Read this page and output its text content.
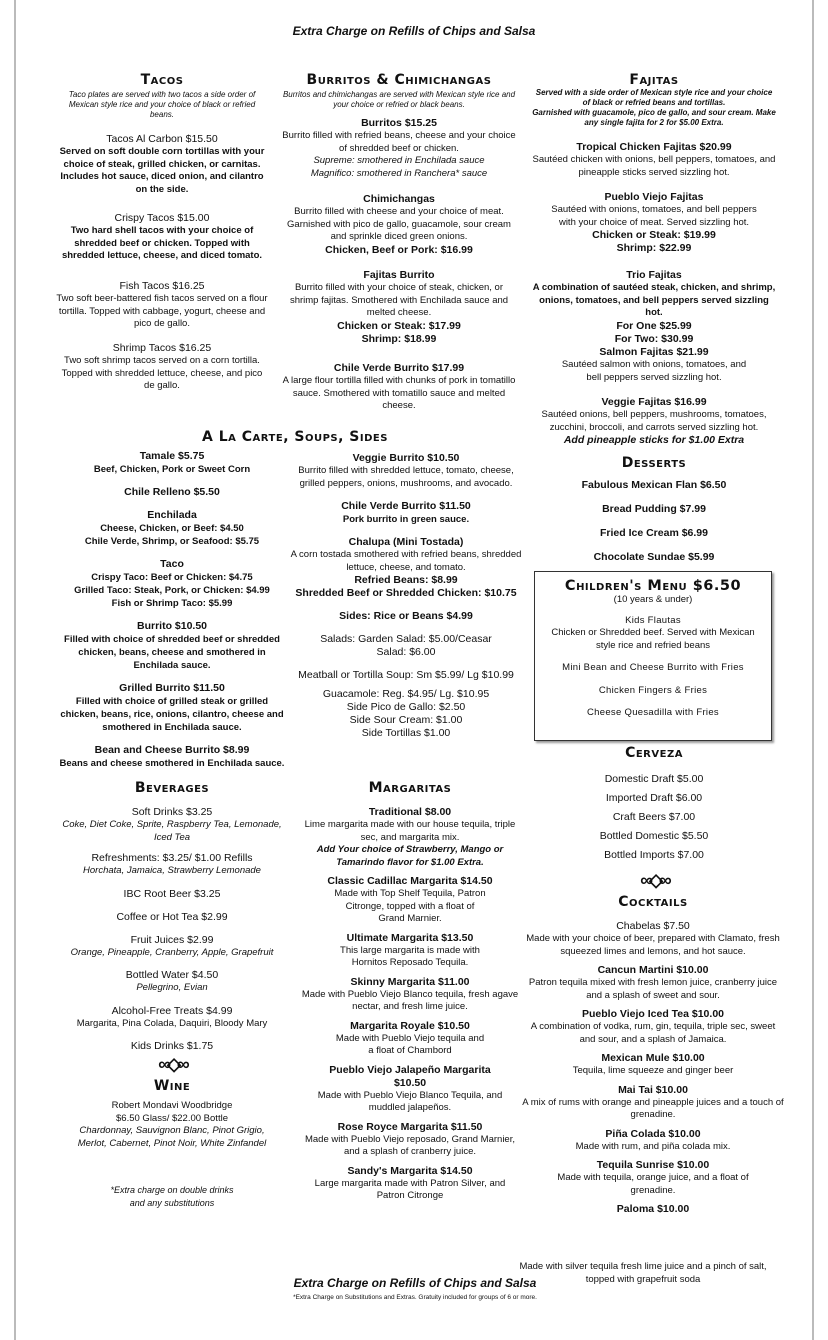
Extra Charge on Refills of Chips and Salsa
Tacos
Taco plates are served with two tacos a side order of Mexican style rice and your choice of black or refried beans.
Tacos Al Carbon $15.50
Served on soft double corn tortillas with your choice of steak, grilled chicken, or carnitas. Includes hot sauce, diced onion, and cilantro on the side.
Crispy Tacos $15.00
Two hard shell tacos with your choice of shredded beef or chicken. Topped with shredded lettuce, cheese, and diced tomato.
Fish Tacos $16.25
Two soft beer-battered fish tacos served on a flour tortilla. Topped with cabbage, yogurt, cheese and pico de gallo.
Shrimp Tacos $16.25
Two soft shrimp tacos served on a corn tortilla. Topped with shredded lettuce, cheese, and pico de gallo.
A La Carte, Soups, Sides
Tamale $5.75
Beef, Chicken, Pork or Sweet Corn
Chile Relleno $5.50
Enchilada
Cheese, Chicken, or Beef: $4.50
Chile Verde, Shrimp, or Seafood: $5.75
Taco
Crispy Taco: Beef or Chicken: $4.75
Grilled Taco: Steak, Pork, or Chicken: $4.99
Fish or Shrimp Taco: $5.99
Burrito $10.50
Filled with choice of shredded beef or shredded chicken, beans, cheese and smothered in Enchilada sauce.
Grilled Burrito $11.50
Filled with choice of grilled steak or grilled chicken, beans, rice, onions, cilantro, cheese and smothered in Enchilada sauce.
Bean and Cheese Burrito $8.99
Beans and cheese smothered in Enchilada sauce.
Beverages
Soft Drinks $3.25
Coke, Diet Coke, Sprite, Raspberry Tea, Lemonade, Iced Tea
Refreshments: $3.25/ $1.00 Refills
Horchata, Jamaica, Strawberry Lemonade
IBC Root Beer $3.25
Coffee or Hot Tea $2.99
Fruit Juices $2.99
Orange, Pineapple, Cranberry, Apple, Grapefruit
Bottled Water $4.50
Pellegrino, Evian
Alcohol-Free Treats $4.99
Margarita, Pina Colada, Daquiri, Bloody Mary
Kids Drinks $1.75
∞◇∞
Wine
Robert Mondavi Woodbridge
$6.50 Glass/ $22.00 Bottle
Chardonnay, Sauvignon Blanc, Pinot Grigio, Merlot, Cabernet, Pinot Noir, White Zinfandel
*Extra charge on double drinks and any substitutions
Burritos & Chimichangas
Burritos and chimichangas are served with Mexican style rice and your choice or refried or black beans.
Burritos $15.25
Burrito filled with refried beans, cheese and your choice of shredded beef or chicken.
Supreme: smothered in Enchilada sauce
Magnifico: smothered in Ranchera* sauce
Chimichangas
Burrito filled with cheese and your choice of meat. Garnished with pico de gallo, guacamole, sour cream and sprinkle diced green onions.
Chicken, Beef or Pork: $16.99
Fajitas Burrito
Burrito filled with your choice of steak, chicken, or shrimp fajitas. Smothered with Enchilada sauce and melted cheese.
Chicken or Steak: $17.99
Shrimp: $18.99
Chile Verde Burrito $17.99
A large flour tortilla filled with chunks of pork in tomatillo sauce. Smothered with tomatillo sauce and melted cheese.
Veggie Burrito $10.50
Burrito filled with shredded lettuce, tomato, cheese, grilled peppers, onions, mushrooms, and avocado.
Chile Verde Burrito $11.50
Pork burrito in green sauce.
Chalupa (Mini Tostada)
A corn tostada smothered with refried beans, shredded lettuce, cheese, and tomato.
Refried Beans: $8.99
Shredded Beef or Shredded Chicken: $10.75
Sides: Rice or Beans $4.99
Salads: Garden Salad: $5.00/Ceasar Salad: $6.00
Meatball or Tortilla Soup: Sm $5.99/ Lg $10.99
Guacamole: Reg. $4.95/ Lg. $10.95
Side Pico de Gallo: $2.50
Side Sour Cream: $1.00
Side Tortillas $1.00
Margaritas
Traditional $8.00
Lime margarita made with our house tequila, triple sec, and margarita mix.
Add Your choice of Strawberry, Mango or Tamarindo flavor for $1.00 Extra.
Classic Cadillac Margarita $14.50
Made with Top Shelf Tequila, Patron Citronge, topped with a float of Grand Marnier.
Ultimate Margarita $13.50
This large margarita is made with Hornitos Reposado Tequila.
Skinny Margarita $11.00
Made with Pueblo Viejo Blanco tequila, fresh agave nectar, and fresh lime juice.
Margarita Royale $10.50
Made with Pueblo Viejo tequila and a float of Chambord
Pueblo Viejo Jalapeño Margarita $10.50
Made with Pueblo Viejo Blanco Tequila, and muddled jalapeños.
Rose Royce Margarita $11.50
Made with Pueblo Viejo reposado, Grand Marnier, and a splash of cranberry juice.
Sandy's Margarita $14.50
Large margarita made with Patron Silver, and Patron Citronge
Fajitas
Served with a side order of Mexican style rice and your choice of black or refried beans and tortillas.
Garnished with guacamole, pico de gallo, and sour cream. Make any single fajita for 2 for $5.00 Extra.
Tropical Chicken Fajitas $20.99
Sautéed chicken with onions, bell peppers, tomatoes, and pineapple sticks served sizzling hot.
Pueblo Viejo Fajitas
Sautéed with onions, tomatoes, and bell peppers with your choice of meat. Served sizzling hot.
Chicken or Steak: $19.99
Shrimp: $22.99
Trio Fajitas
A combination of sautéed steak, chicken, and shrimp, onions, tomatoes, and bell peppers served sizzling hot.
For One $25.99
For Two: $30.99
Salmon Fajitas $21.99
Sautéed salmon with onions, tomatoes, and bell peppers served sizzling hot.
Veggie Fajitas $16.99
Sautéed onions, bell peppers, mushrooms, tomatoes, zucchini, broccoli, and carrots served sizzling hot.
Add pineapple sticks for $1.00 Extra
Desserts
Fabulous Mexican Flan $6.50
Bread Pudding $7.99
Fried Ice Cream $6.99
Chocolate Sundae $5.99
Children's Menu $6.50
(10 years & under)
Kids Flautas
Chicken or Shredded beef. Served with Mexican style rice and refried beans
Mini Bean and Cheese Burrito with Fries
Chicken Fingers & Fries
Cheese Quesadilla with Fries
Cerveza
Domestic Draft $5.00
Imported Draft $6.00
Craft Beers $7.00
Bottled Domestic $5.50
Bottled Imports $7.00
∞◇∞
Cocktails
Chabelas $7.50
Made with your choice of beer, prepared with Clamato, fresh squeezed limes and lemons, and hot sauce.
Cancun Martini $10.00
Patron tequila mixed with fresh lemon juice, cranberry juice and a splash of sweet and sour.
Pueblo Viejo Iced Tea $10.00
A combination of vodka, rum, gin, tequila, triple sec, sweet and sour, and a splash of Jamaica.
Mexican Mule $10.00
Tequila, lime squeeze and ginger beer
Mai Tai $10.00
A mix of rums with orange and pineapple juices and a touch of grenadine.
Piña Colada $10.00
Made with rum, and piña colada mix.
Tequila Sunrise $10.00
Made with tequila, orange juice, and a float of grenadine.
Paloma $10.00
Made with silver tequila fresh lime juice and a pinch of salt, topped with grapefruit soda
Extra Charge on Refills of Chips and Salsa
*Extra Charge on Substitutions and Extras. Gratuity included for groups of 6 or more.
